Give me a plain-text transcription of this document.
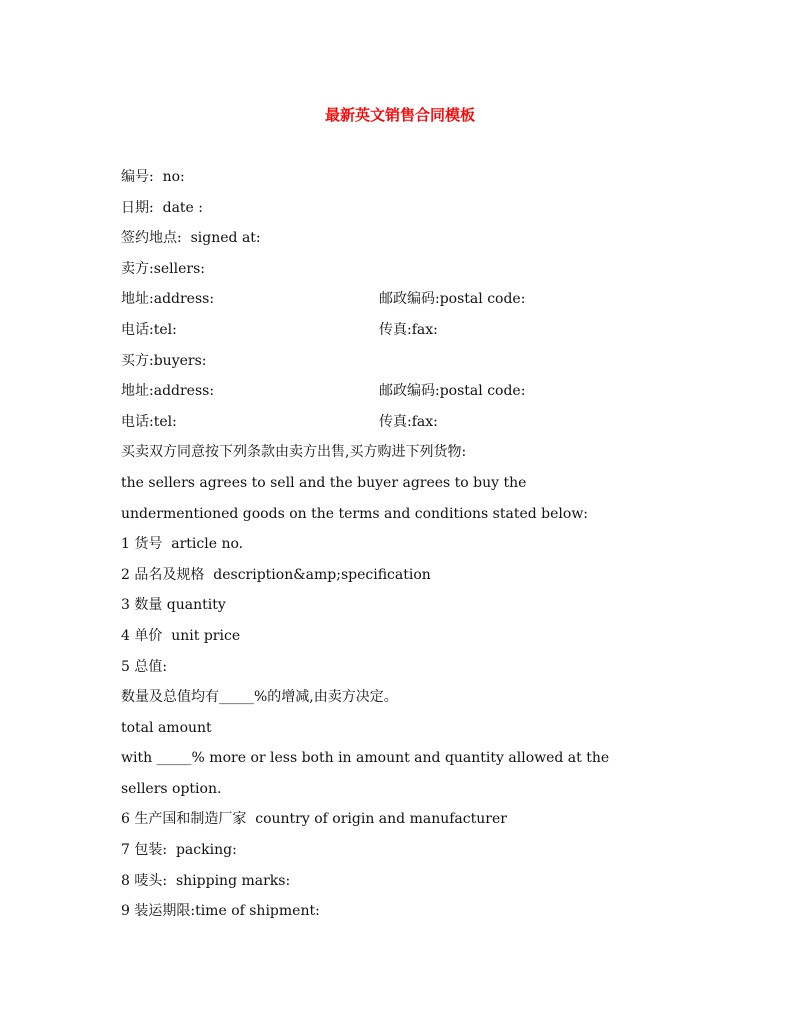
最新英文销售合同模板
编号:  no:
日期:  date :
签约地点:  signed at:
卖方:sellers:
地址:address:	邮政编码:postal code:
电话:tel:	传真:fax:
买方:buyers:
地址:address:	邮政编码:postal code:
电话:tel:	传真:fax:
买卖双方同意按下列条款由卖方出售,买方购进下列货物:
the sellers agrees to sell and the buyer agrees to buy the
undermentioned goods on the terms and conditions stated below:
1 货号  article no.
2 品名及规格  description&amp;specification
3 数量 quantity
4 单价  unit price
5 总值:
数量及总值均有_____%的增减,由卖方决定。
total amount
with _____% more or less both in amount and quantity allowed at the
sellers option.
6 生产国和制造厂家  country of origin and manufacturer
7 包装:  packing:
8 唛头:  shipping marks:
9 装运期限:time of shipment:
